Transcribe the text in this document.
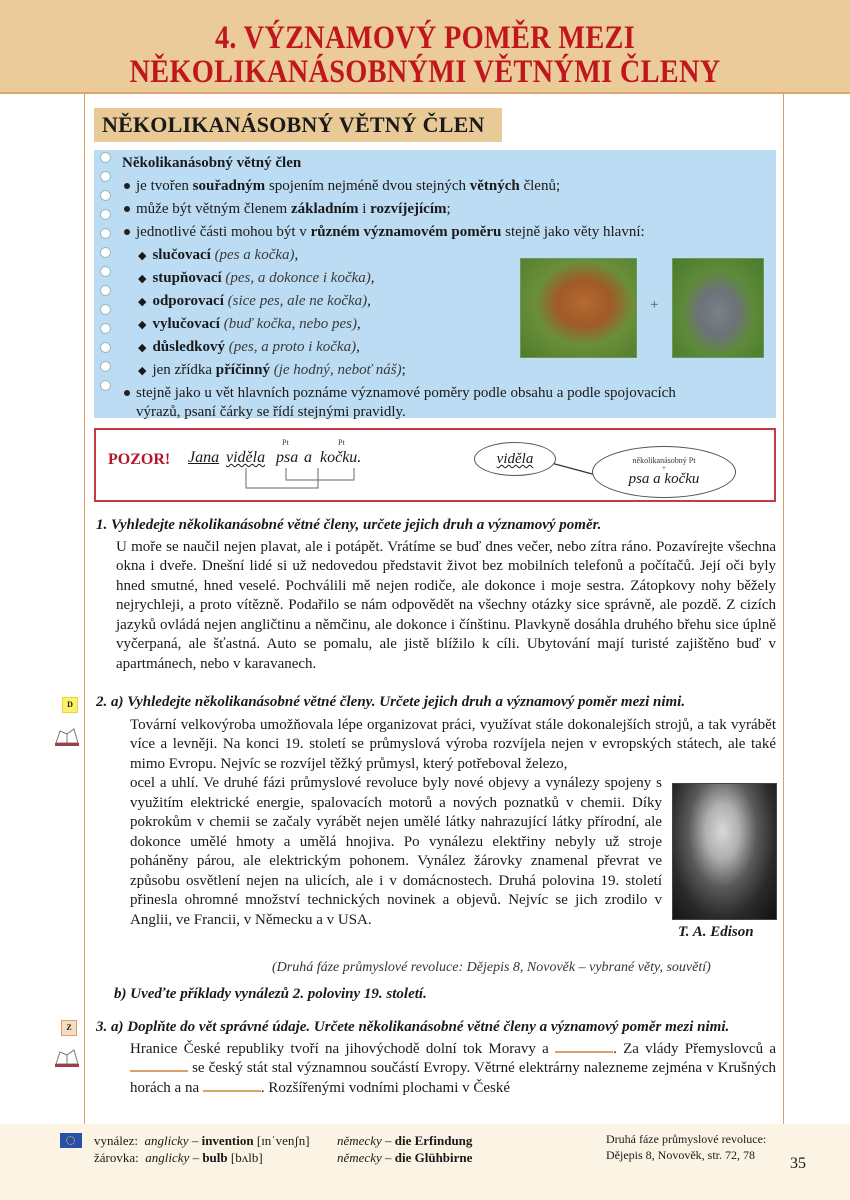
4. VÝZNAMOVÝ POMĚR MEZI
NĚKOLIKANÁSOBNÝMI VĚTNÝMI ČLENY
NĚKOLIKANÁSOBNÝ VĚTNÝ ČLEN
Několikanásobný větný člen
je tvořen souřadným spojením nejméně dvou stejných větných členů;
může být větným členem základním i rozvíjejícím;
jednotlivé části mohou být v různém významovém poměru stejně jako věty hlavní:
◆ slučovací (pes a kočka),
◆ stupňovací (pes, a dokonce i kočka),
◆ odporovací (sice pes, ale ne kočka),
◆ vylučovací (buď kočka, nebo pes),
◆ důsledkový (pes, a proto i kočka),
◆ jen zřídka příčinný (je hodný, neboť náš);
stejně jako u vět hlavních poznáme významové poměry podle obsahu a podle spojovacích
výrazů, psaní čárky se řídí stejnými pravidly.
+
POZOR! Jana viděla psa a kočku.
Pt	Pt
viděla	několikanásobný Pt
+
psa a kočku
1. Vyhledejte několikanásobné větné členy, určete jejich druh a významový poměr.
U moře se naučil nejen plavat, ale i potápět. Vrátíme se buď dnes večer, nebo zítra ráno. Pozavírejte všechna okna i dveře. Dnešní lidé si už nedovedou představit život bez mobilních telefonů a počítačů. Její oči byly hned smutné, hned veselé. Pochválili mě nejen rodiče, ale dokonce i moje sestra. Zátopkovy nohy běžely nejrychleji, a proto vítězně. Podařilo se nám odpovědět na všechny otázky sice správně, ale pozdě. Z cizích jazyků ovládá nejen angličtinu a němčinu, ale dokonce i čínštinu. Plavkyně dosáhla druhého břehu sice úplně vyčerpaná, ale šťastná. Auto se pomalu, ale jistě blížilo k cíli. Ubytování mají turisté zajištěno buď v apartmánech, nebo v karavanech.
D	2. a) Vyhledejte několikanásobné větné členy. Určete jejich druh a významový poměr mezi nimi.
Tovární velkovýroba umožňovala lépe organizovat práci, využívat stále dokonalejších strojů, a tak vyrábět více a levněji. Na konci 19. století se průmyslová výroba rozvíjela nejen v evropských státech, ale také mimo Evropu. Nejvíc se rozvíjel těžký průmysl, který potřeboval železo,
ocel a uhlí. Ve druhé fázi průmyslové revoluce byly nové objevy a vynálezy spojeny s využitím elektrické energie, spalovacích motorů a nových poznatků v chemii. Díky pokrokům v chemii se začaly vyrábět nejen umělé látky nahrazující látky přírodní, ale dokonce umělé hmoty a umělá hnojiva. Po vynálezu elektřiny nebyly už stroje poháněny párou, ale elektrickým pohonem. Vynález žárovky znamenal převrat ve způsobu osvětlení nejen na ulicích, ale i v domácnostech. Druhá polovina 19. století přinesla ohromné množství technických novinek a objevů. Nejvíc se jich zrodilo v Anglii, ve Francii, v Německu a v USA.
T. A. Edison
(Druhá fáze průmyslové revoluce: Dějepis 8, Novověk – vybrané věty, souvětí)
b) Uveďte příklady vynálezů 2. poloviny 19. století.
Z	3. a) Doplňte do vět správné údaje. Určete několikanásobné větné členy a významový poměr mezi nimi.
Hranice České republiky tvoří na jihovýchodě dolní tok Moravy a	. Za vlády Přemyslovců a  se český stát stal významnou součástí Evropy. Větrné elektrárny nalezneme zejména v Krušných horách a na	. Rozšířenými vodními plochami v České
vynález: anglicky – invention [ɪnˈvenʃn]
žárovka: anglicky – bulb [bʌlb]
německy – die Erfindung
německy – die Glühbirne
Druhá fáze průmyslové revoluce:
Dějepis 8, Novověk, str. 72, 78 35
